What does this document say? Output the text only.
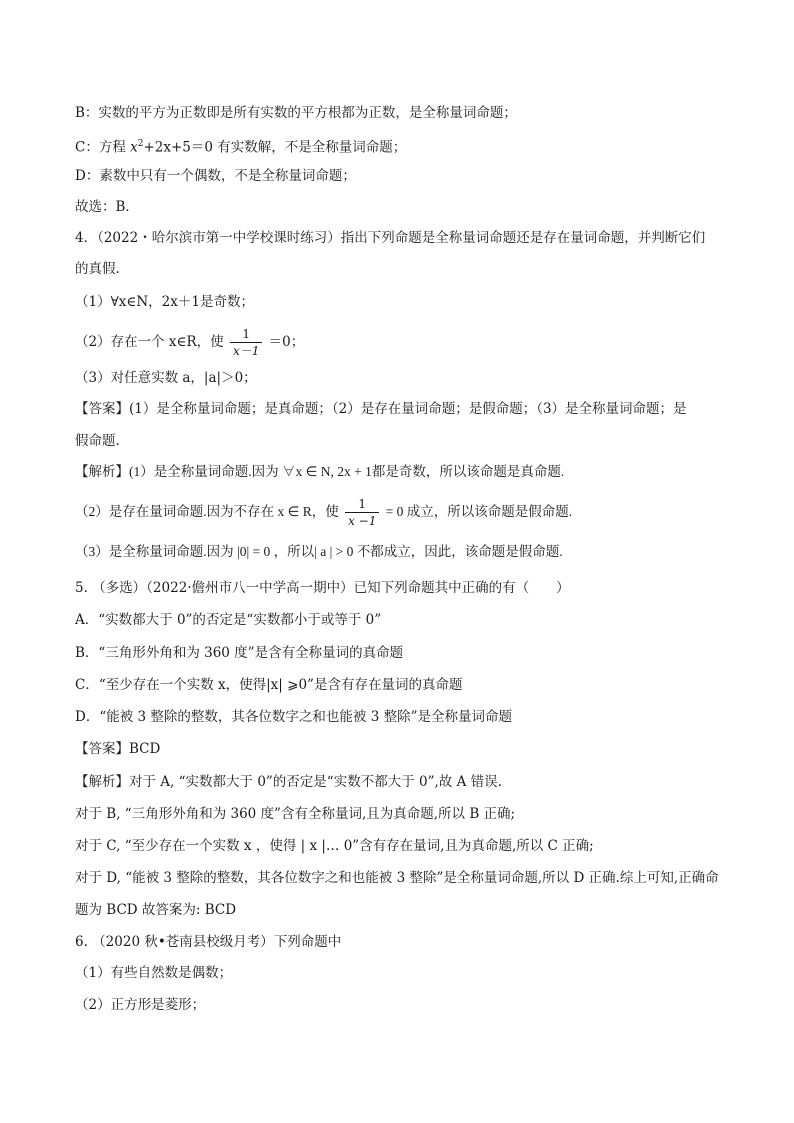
B：实数的平方为正数即是所有实数的平方根都为正数，是全称量词命题；
C：方程 $x^2+2x+5=0$ 有实数解，不是全称量词命题；
D：素数中只有一个偶数，不是全称量词命题；
故选：B．
4．（2022・哈尔滨市第一中学校课时练习）指出下列命题是全称量词命题还是存在量词命题，并判断它们
的真假.
（1）∀x∈N，2x＋1是奇数；
（2）存在一个 x∈R，使 $\frac{1}{x-1} =0$；
（3）对任意实数 a，|a|＞0；
【答案】(1）是全称量词命题；是真命题；（2）是存在量词命题；是假命题；（3）是全称量词命题；是
假命题.
【解析】(1）是全称量词命题.因为 ∀x ∈ N, 2x + 1都是奇数，所以该命题是真命题.
（2）是存在量词命题.因为不存在 x ∈ R，使 $\frac{1}{x -1} = 0$ 成立，所以该命题是假命题.
（3）是全称量词命题.因为 |0| = 0 ，所以| a | > 0 不都成立，因此，该命题是假命题.
5. （多选）（2022·儋州市八一中学高一期中）已知下列命题其中正确的有（　　）
A．“实数都大于 0”的否定是“实数都小于或等于 0”
B．“三角形外角和为 360 度”是含有全称量词的真命题
C．“至少存在一个实数 x，使得|x| ⩾0”是含有存在量词的真命题
D．“能被 3 整除的整数，其各位数字之和也能被 3 整除”是全称量词命题
【答案】BCD
【解析】对于 A, “实数都大于 0”的否定是“实数不都大于 0”,故 A 错误.
对于 B, “三角形外角和为 360 度”含有全称量词,且为真命题,所以 B 正确;
对于 C, “至少存在一个实数 x ，使得 | x |… 0”含有存在量词,且为真命题,所以 C 正确;
对于 D, “能被 3 整除的整数，其各位数字之和也能被 3 整除”是全称量词命题,所以 D 正确.综上可知,正确命
题为 BCD 故答案为: BCD
6. （2020 秋•苍南县校级月考）下列命题中
（1）有些自然数是偶数；
（2）正方形是菱形；
